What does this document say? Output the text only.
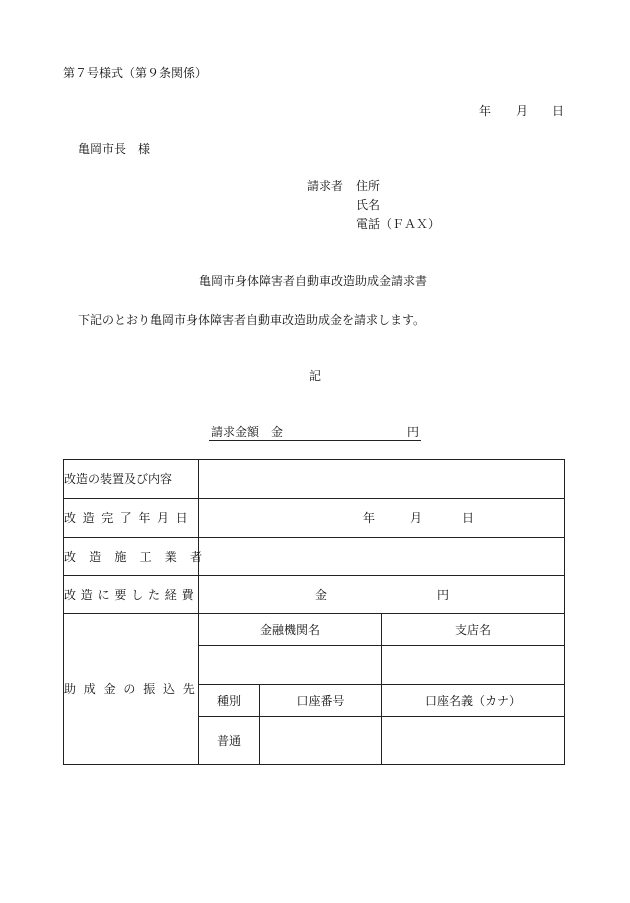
第７号様式（第９条関係）
年 月 日
亀岡市長　様
請求者 住所
氏名
電話（ＦＡＸ）
亀岡市身体障害者自動車改造助成金請求書
下記のとおり亀岡市身体障害者自動車改造助成金を請求します。
記
請求金額　金	円
改造の装置及び内容			
改造完了年月日	年 月 日		

改造施工業者			
改造に要した経費	金 円		

助成金の振込先	金融機関名		支店名

	種別	口座番号	口座名義（カナ）
	普通		
